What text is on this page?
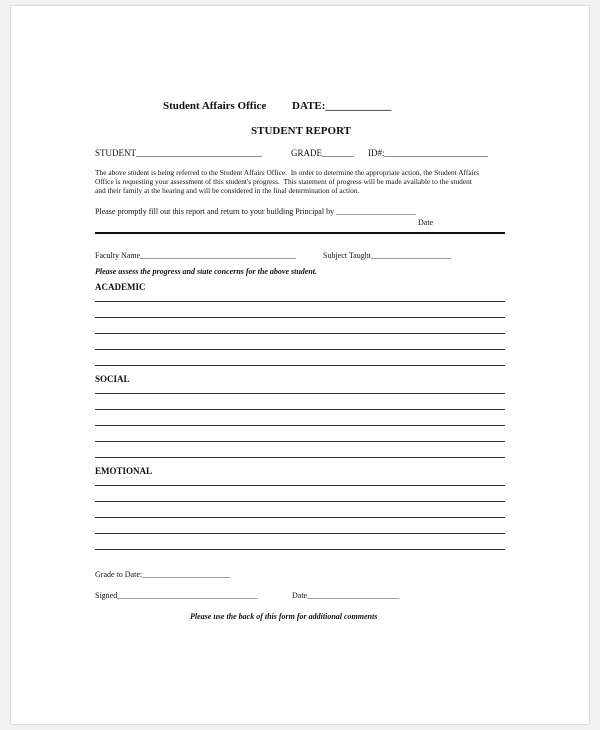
Student Affairs Office DATE:____________
STUDENT REPORT
STUDENT____________________________	GRADE_______ ID#:_______________________
The above student is being referred to the Student Affairs Office.  In order to determine the appropriate action, the Student Affairs
Office is requesting your assessment of this student's progress.  This statement of progress will be made available to the student
and their family at the hearing and will be considered in the final determination of action.
Please promptly fill out this report and return to your building Principal by ____________________
Date
Faculty Name_______________________________________	Subject Taught____________________
Please assess the progress and state concerns for the above student.
ACADEMIC
SOCIAL
EMOTIONAL
Grade to Date:______________________
Signed___________________________________	Date_______________________
Please use the back of this form for additional comments
